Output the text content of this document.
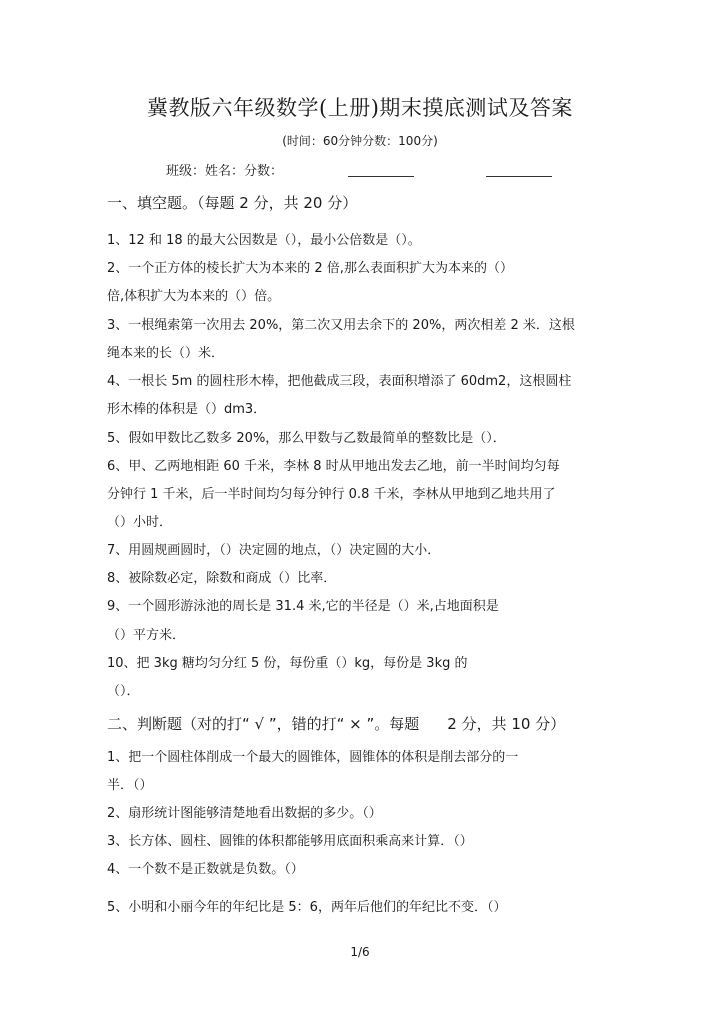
冀教版六年级数学(上册)期末摸底测试及答案
(时间：60分钟分数：100分)
班级：姓名：分数：
一、填空题。（每题 2 分，共 20 分）
1、12 和 18 的最大公因数是（），最小公倍数是（）。
2、一个正方体的棱长扩大为本来的 2 倍,那么表面积扩大为本来的（）
倍,体积扩大为本来的（）倍。
3、一根绳索第一次用去 20%，第二次又用去余下的 20%，两次相差 2 米．这根
绳本来的长（）米．
4、一根长 5m 的圆柱形木棒，把他截成三段，表面积增添了 60dm2，这根圆柱
形木棒的体积是（）dm3．
5、假如甲数比乙数多 20%，那么甲数与乙数最简单的整数比是（）．
6、甲、乙两地相距 60 千米，李林 8 时从甲地出发去乙地，前一半时间均匀每
分钟行 1 千米，后一半时间均匀每分钟行 0.8 千米，李林从甲地到乙地共用了
（）小时．
7、用圆规画圆时，（）决定圆的地点，（）决定圆的大小．
8、被除数必定，除数和商成（）比率．
9、一个圆形游泳池的周长是 31.4 米,它的半径是（）米,占地面积是
（）平方米．
10、把 3kg 糖均匀分红 5 份，每份重（）kg，每份是 3kg 的
（）．
二、判断题（对的打“ √ ”，错的打“ × ”。每题 2 分，共 10 分）
1、把一个圆柱体削成一个最大的圆锥体，圆锥体的体积是削去部分的一
半．（）
2、扇形统计图能够清楚地看出数据的多少。（）
3、长方体、圆柱、圆锥的体积都能够用底面积乘高来计算．（）
4、一个数不是正数就是负数。（）
5、小明和小丽今年的年纪比是 5：6，两年后他们的年纪比不变．（）
1/6
